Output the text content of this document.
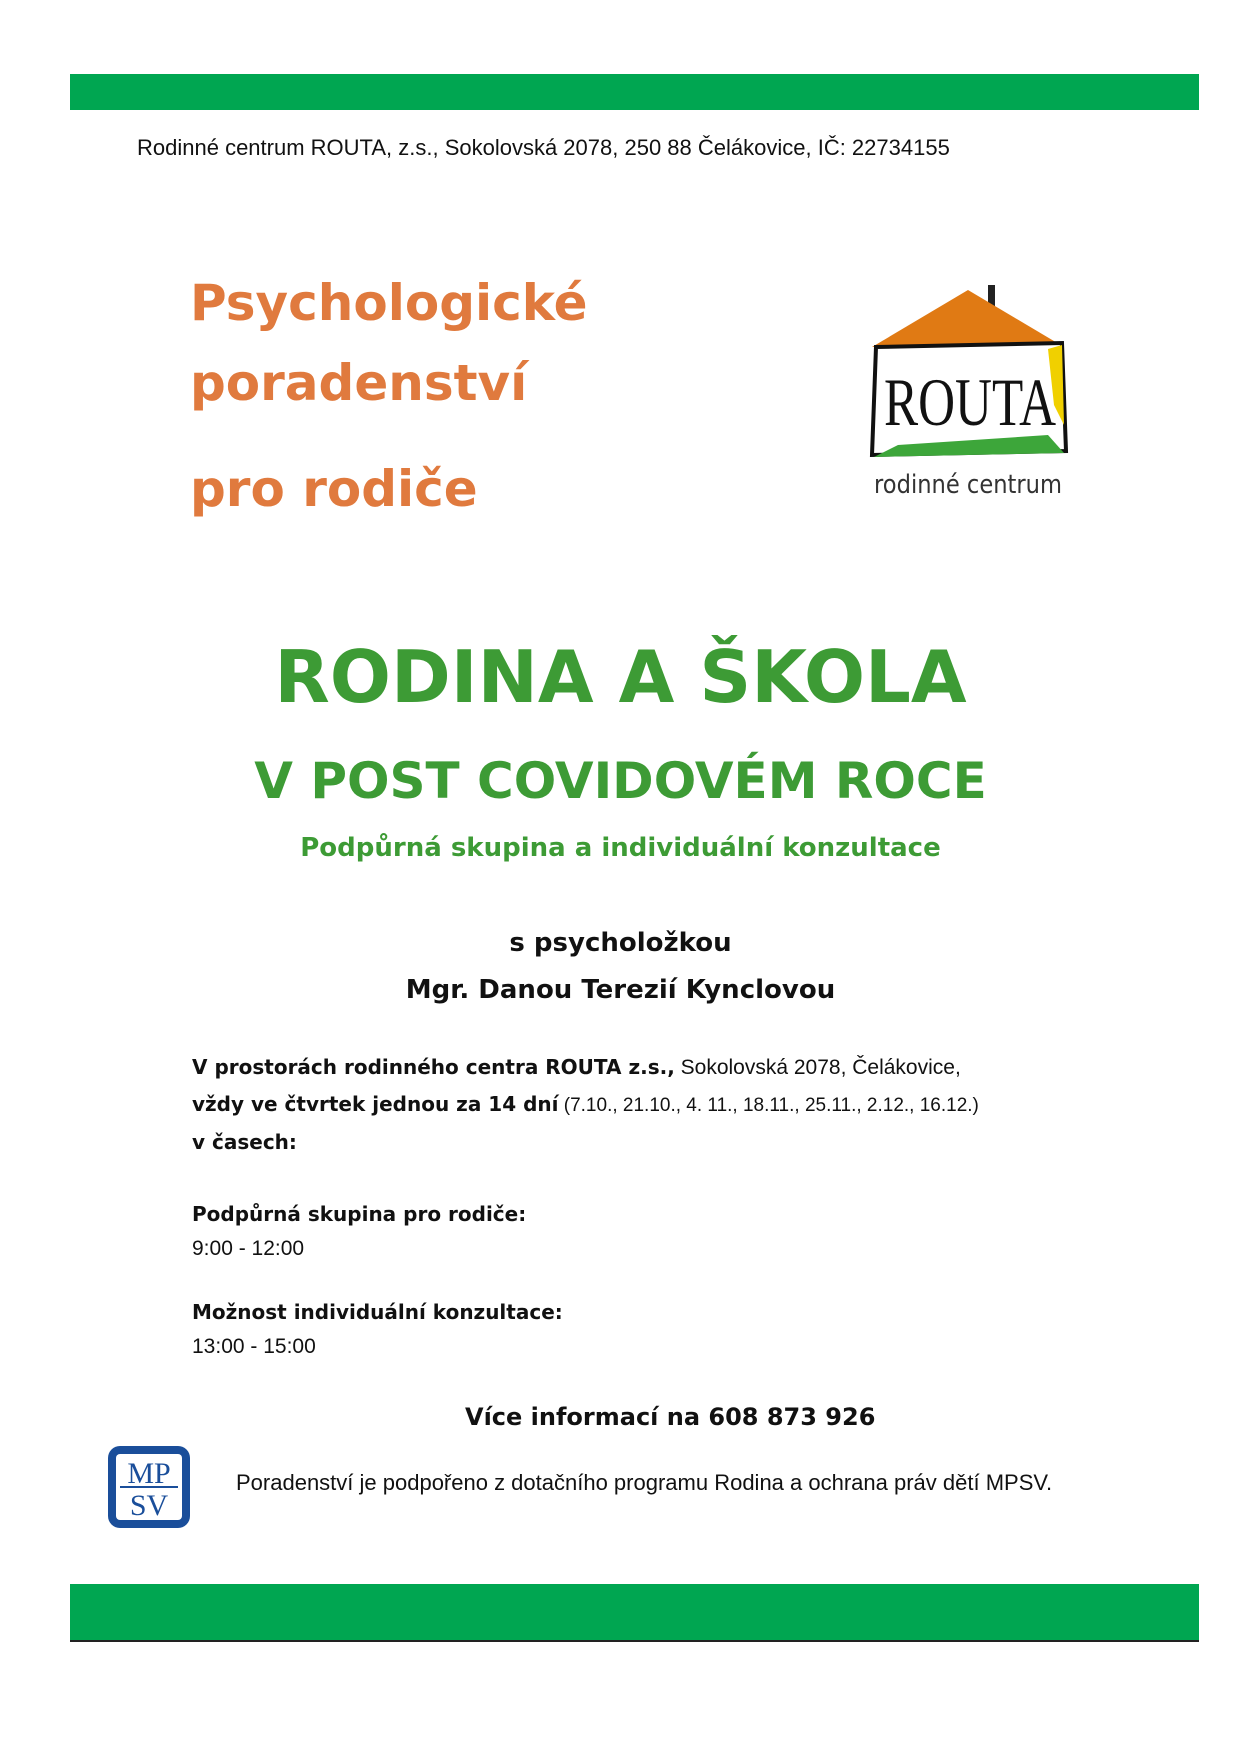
Rodinné centrum ROUTA, z.s., Sokolovská 2078, 250 88 Čelákovice, IČ: 22734155
Psychologické
poradenství
pro rodiče
ROUTA
rodinné centrum
RODINA A ŠKOLA
V POST COVIDOVÉM ROCE
Podpůrná skupina a individuální konzultace
s psycholožkou
Mgr. Danou Terezií Kynclovou
V prostorách rodinného centra ROUTA z.s., Sokolovská 2078, Čelákovice,
vždy ve čtvrtek jednou za 14 dní (7.10., 21.10., 4. 11., 18.11., 25.11., 2.12., 16.12.)
v časech:
Podpůrná skupina pro rodiče:
9:00 - 12:00
Možnost individuální konzultace:
13:00 - 15:00
Více informací na 608 873 926
MP
SV
Poradenství je podpořeno z dotačního programu Rodina a ochrana práv dětí MPSV.
